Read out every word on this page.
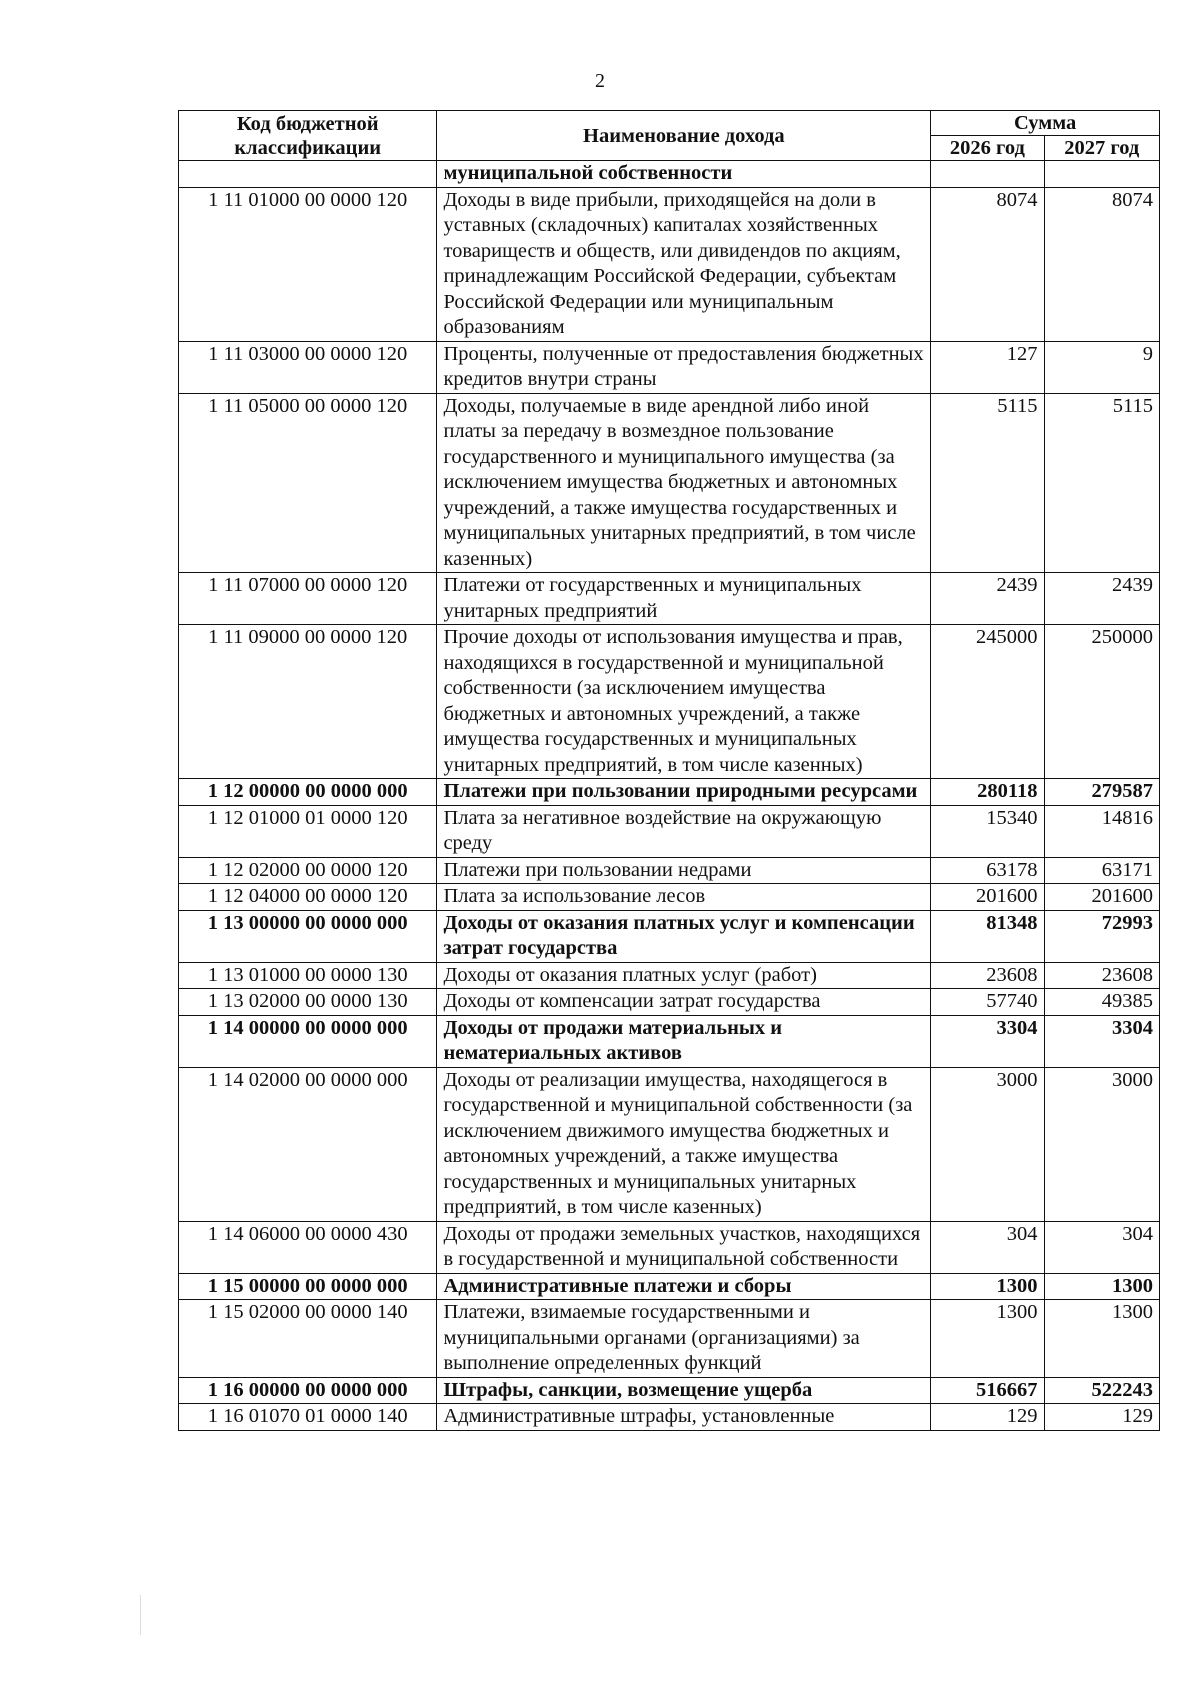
2
Код бюджетной классификации	Наименование дохода	Сумма	
		2026 год	2027 год
	муниципальной собственности		
1 11 01000 00 0000 120	Доходы в виде прибыли, приходящейся на доли в уставных (складочных) капиталах хозяйственных товариществ и обществ, или дивидендов по акциям, принадлежащим Российской Федерации, субъектам Российской Федерации или муниципальным образованиям	8074	8074
1 11 03000 00 0000 120	Проценты, полученные от предоставления бюджетных кредитов внутри страны	127	9
1 11 05000 00 0000 120	Доходы, получаемые в виде арендной либо иной платы за передачу в возмездное пользование государственного и муниципального имущества (за исключением имущества бюджетных и автономных учреждений, а также имущества государственных и муниципальных унитарных предприятий, в том числе казенных)	5115	5115
1 11 07000 00 0000 120	Платежи от государственных и муниципальных унитарных предприятий	2439	2439
1 11 09000 00 0000 120	Прочие доходы от использования имущества и прав, находящихся в государственной и муниципальной собственности (за исключением имущества бюджетных и автономных учреждений, а также имущества государственных и муниципальных унитарных предприятий, в том числе казенных)	245000	250000
1 12 00000 00 0000 000	Платежи при пользовании природными ресурсами	280118	279587
1 12 01000 01 0000 120	Плата за негативное воздействие на окружающую среду	15340	14816
1 12 02000 00 0000 120	Платежи при пользовании недрами	63178	63171
1 12 04000 00 0000 120	Плата за использование лесов	201600	201600
1 13 00000 00 0000 000	Доходы от оказания платных услуг и компенсации затрат государства	81348	72993
1 13 01000 00 0000 130	Доходы от оказания платных услуг (работ)	23608	23608
1 13 02000 00 0000 130	Доходы от компенсации затрат государства	57740	49385
1 14 00000 00 0000 000	Доходы от продажи материальных и нематериальных активов	3304	3304
1 14 02000 00 0000 000	Доходы от реализации имущества, находящегося в государственной и муниципальной собственности (за исключением движимого имущества бюджетных и автономных учреждений, а также имущества государственных и муниципальных унитарных предприятий, в том числе казенных)	3000	3000
1 14 06000 00 0000 430	Доходы от продажи земельных участков, находящихся в государственной и муниципальной собственности	304	304
1 15 00000 00 0000 000	Административные платежи и сборы	1300	1300
1 15 02000 00 0000 140	Платежи, взимаемые государственными и муниципальными органами (организациями) за выполнение определенных функций	1300	1300
1 16 00000 00 0000 000	Штрафы, санкции, возмещение ущерба	516667	522243
1 16 01070 01 0000 140	Административные штрафы, установленные	129	129
